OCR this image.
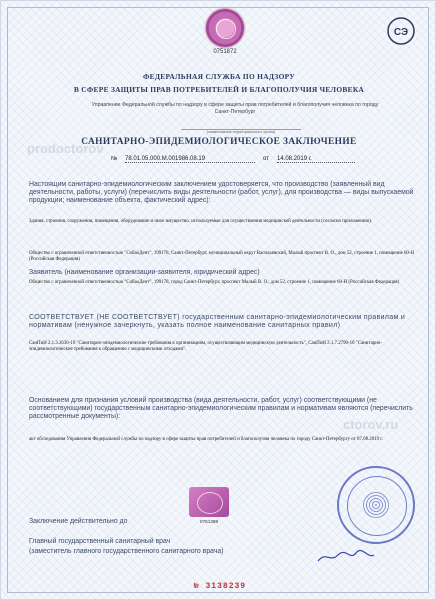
0751872
СЭ
ФЕДЕРАЛЬНАЯ СЛУЖБА ПО НАДЗОРУ
В СФЕРЕ ЗАЩИТЫ ПРАВ ПОТРЕБИТЕЛЕЙ И БЛАГОПОЛУЧИЯ ЧЕЛОВЕКА
Управление Федеральной службы по надзору в сфере защиты прав потребителей и благополучия человека по городу Санкт-Петербург
(наименование территориального органа)
САНИТАРНО-ЭПИДЕМИОЛОГИЧЕСКОЕ ЗАКЛЮЧЕНИЕ
№ 78.01.05.000.М.001986.08.19	от 14.08.2019 г.
Настоящим санитарно-эпидемиологическим заключением удостоверяется, что производство (заявленный вид деятельности, работы, услуги) (перечислить виды деятельности (работ, услуг), для производства — виды выпускаемой продукции; наименование объекта, фактический адрес):
Здания, строения, сооружения, помещения, оборудование и иное имущество, используемые для осуществления медицинской деятельности (согласно приложению).
Общество с ограниченной ответственностью "СобаоДент", 199178, Санкт-Петербург, муниципальный округ Васильевский, Малый проспект В. О., дом 52, строение 1, помещение 60-Н (Российская Федерация)
Заявитель (наименование организации-заявителя, юридический адрес)
Общество с ограниченной ответственностью "СобаоДент", 199178, город Санкт-Петербург, проспект Малый В. О., дом 52, строение 1, помещение 60-Н (Российская Федерация)
СООТВЕТСТВУЕТ (НЕ СООТВЕТСТВУЕТ) государственным санитарно-эпидемиологическим правилам и нормативам (ненужное зачеркнуть, указать полное наименование санитарных правил)
СанПиН 2.1.3.2630-10 "Санитарно-эпидемиологические требования к организациям, осуществляющим медицинскую деятельность", СанПиН 2.1.7.2790-10 "Санитарно-эпидемиологические требования к обращению с медицинскими отходами".
Основанием для признания условий производства (вида деятельности, работ, услуг) соответствующими (не соответствующими) государственным санитарно-эпидемиологическим правилам и нормативам являются (перечислить рассмотренные документы):
акт обследования Управления Федеральной службы по надзору в сфере защиты прав потребителей и благополучия человека по городу Санкт-Петербургу от 07.08.2019 г.
0751388
Заключение действительно до
Главный государственный санитарный врач
(заместитель главного государственного санитарного врача)
№ 3138239
prodoctorov
ctorov.ru
